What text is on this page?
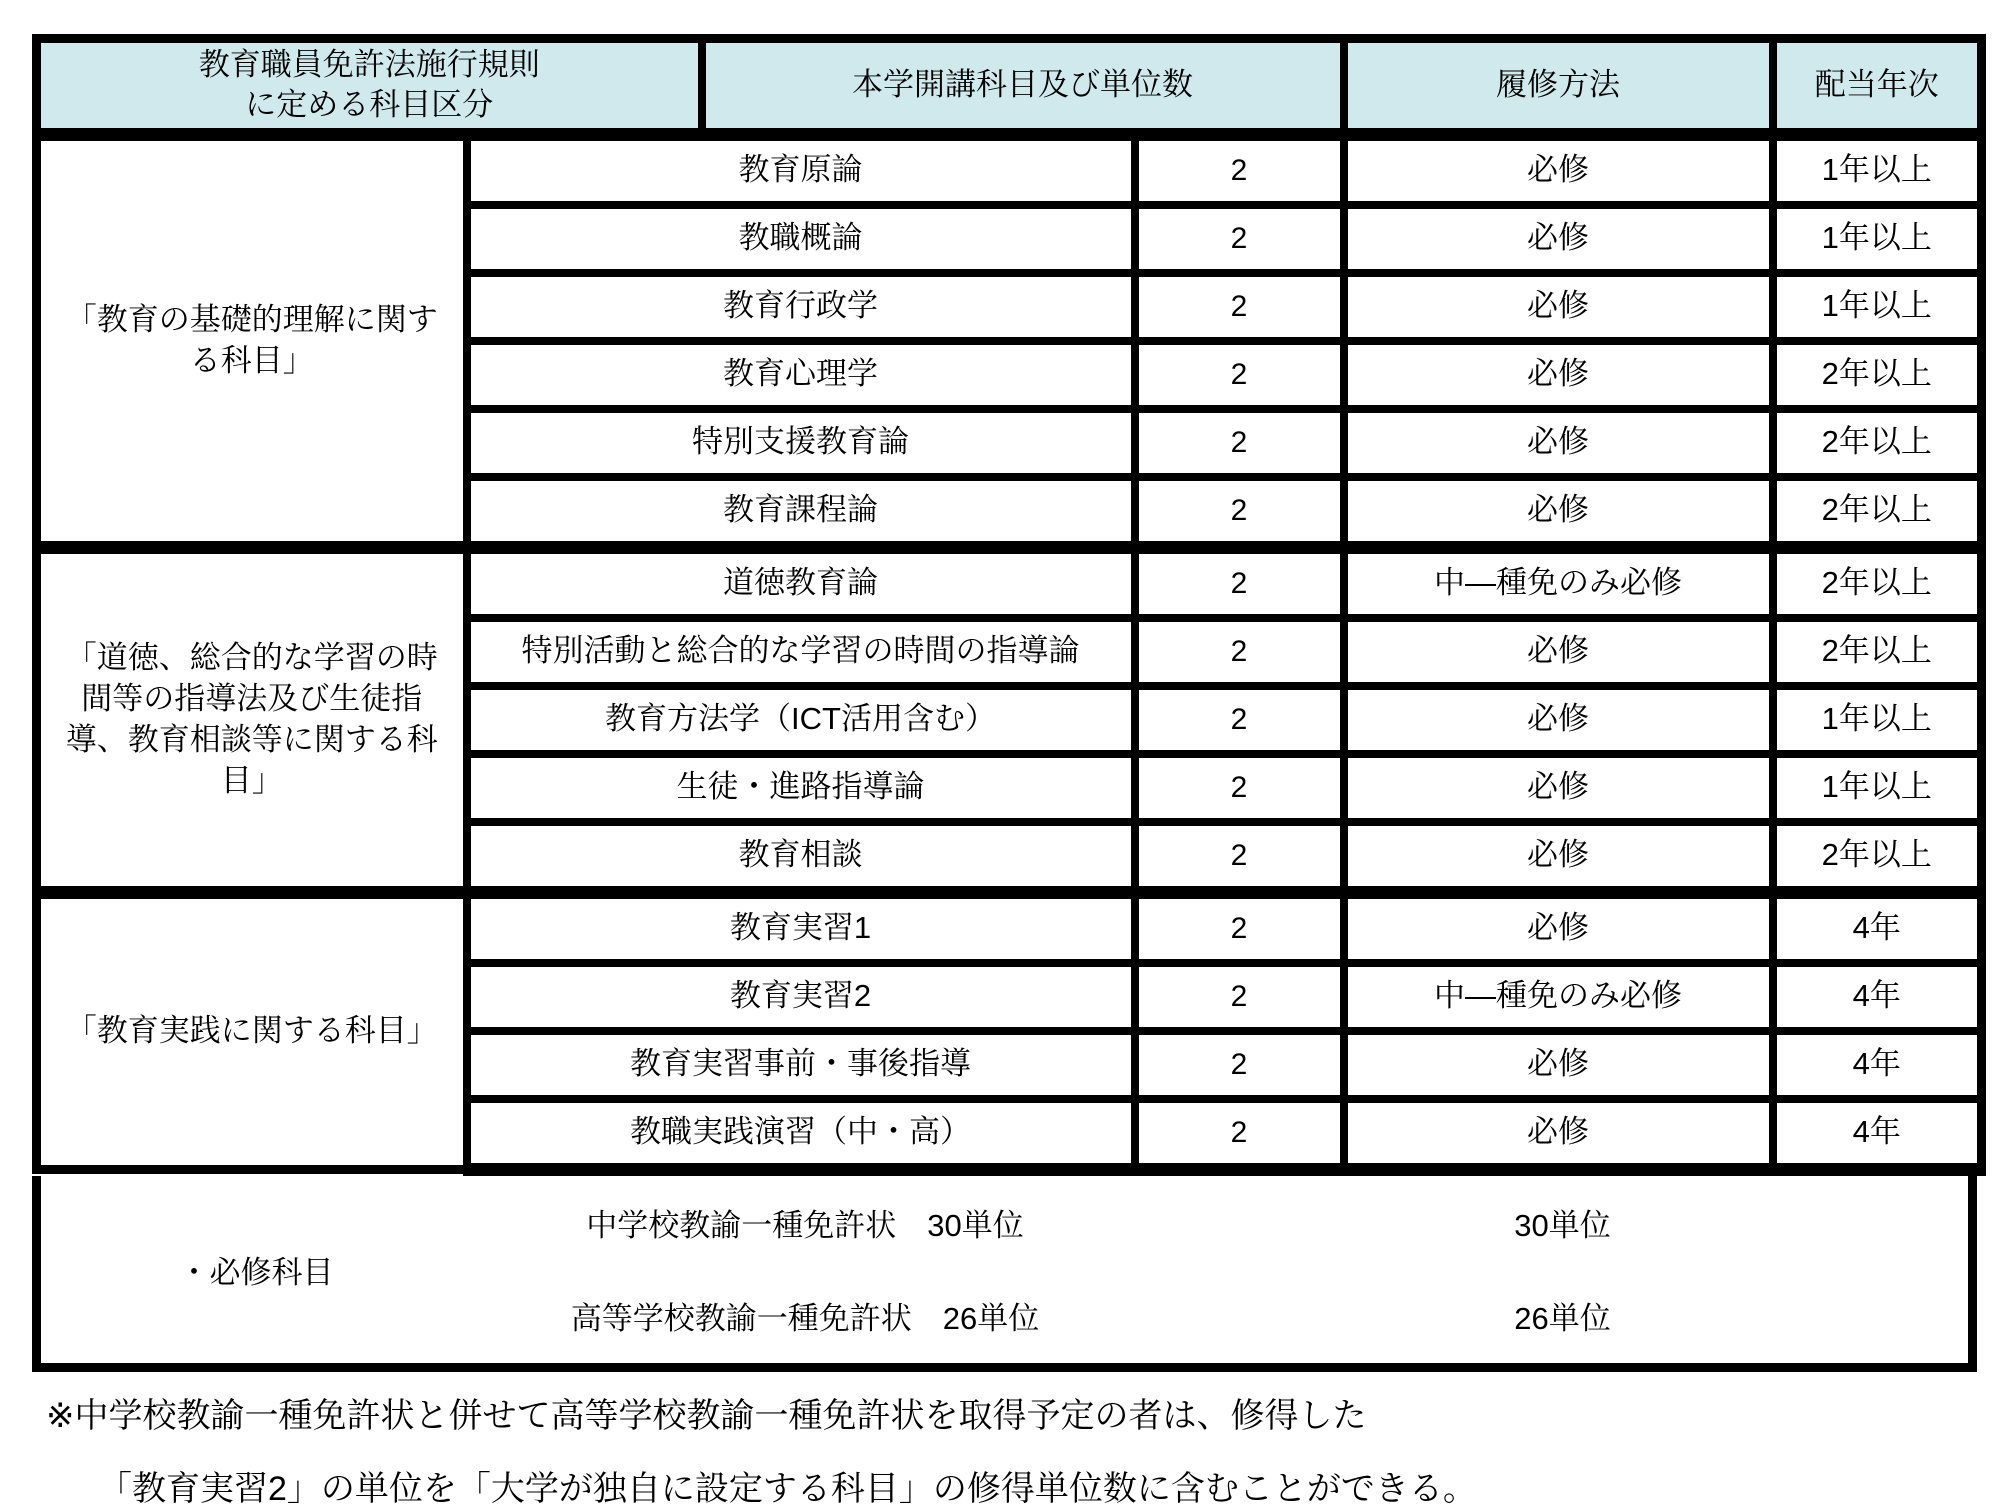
教育職員免許法施行規則
に定める科目区分		本学開講科目及び単位数		履修方法	配当年次
「教育の基礎的理解に関する科目」	教育原論		2	必修	1年以上
	教職概論		2	必修	1年以上
	教育行政学		2	必修	1年以上
	教育心理学		2	必修	2年以上
	特別支援教育論		2	必修	2年以上
	教育課程論		2	必修	2年以上
「道徳、総合的な学習の時間等の指導法及び生徒指導、教育相談等に関する科目」	道徳教育論		2	中―種免のみ必修	2年以上
	特別活動と総合的な学習の時間の指導論		2	必修	2年以上
	教育方法学（ICT活用含む）		2	必修	1年以上
	生徒・進路指導論		2	必修	1年以上
	教育相談		2	必修	2年以上
「教育実践に関する科目」	教育実習1		2	必修	4年
	教育実習2		2	中―種免のみ必修	4年
	教育実習事前・事後指導		2	必修	4年
	教職実践演習（中・高）		2	必修	4年
・必修科目
中学校教諭一種免許状　30単位	30単位
高等学校教諭一種免許状　26単位	26単位
※中学校教諭一種免許状と併せて高等学校教諭一種免許状を取得予定の者は、修得した
「教育実習2」の単位を「大学が独自に設定する科目」の修得単位数に含むことができる。
